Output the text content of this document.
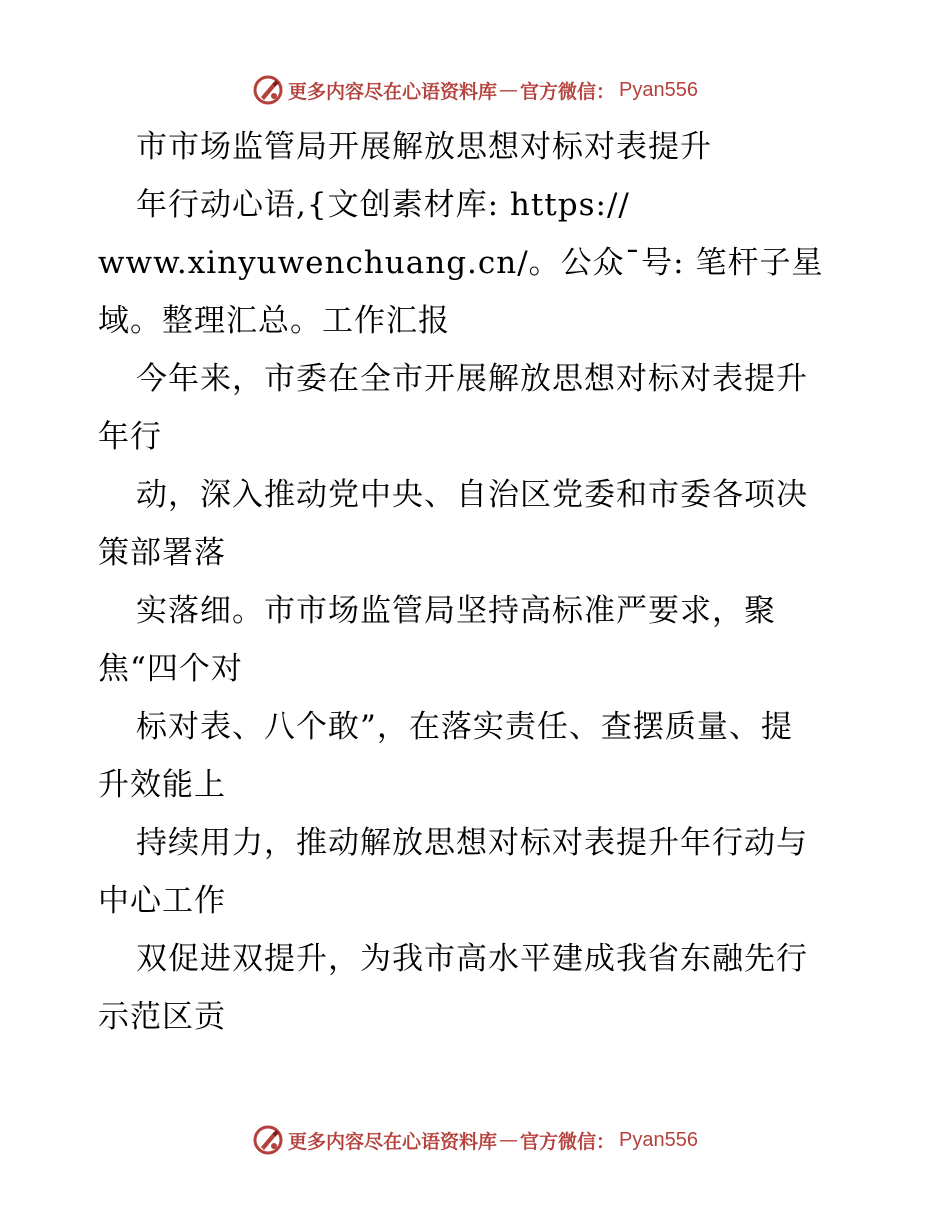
更多内容尽在心语资料库 — 官方微信： Pyan556
市市场监管局开展解放思想对标对表提升
年行动心语,{文创素材库: https://
www.xinyuwenchuang.cn/。公众¯号: 笔杆子星
域。整理汇总。工作汇报
今年来，市委在全市开展解放思想对标对表提升
年行
动，深入推动党中央、自治区党委和市委各项决
策部署落
实落细。市市场监管局坚持高标准严要求，聚
焦“四个对
标对表、八个敢”，在落实责任、查摆质量、提
升效能上
持续用力，推动解放思想对标对表提升年行动与
中心工作
双促进双提升，为我市高水平建成我省东融先行
示范区贡
更多内容尽在心语资料库 — 官方微信： Pyan556
